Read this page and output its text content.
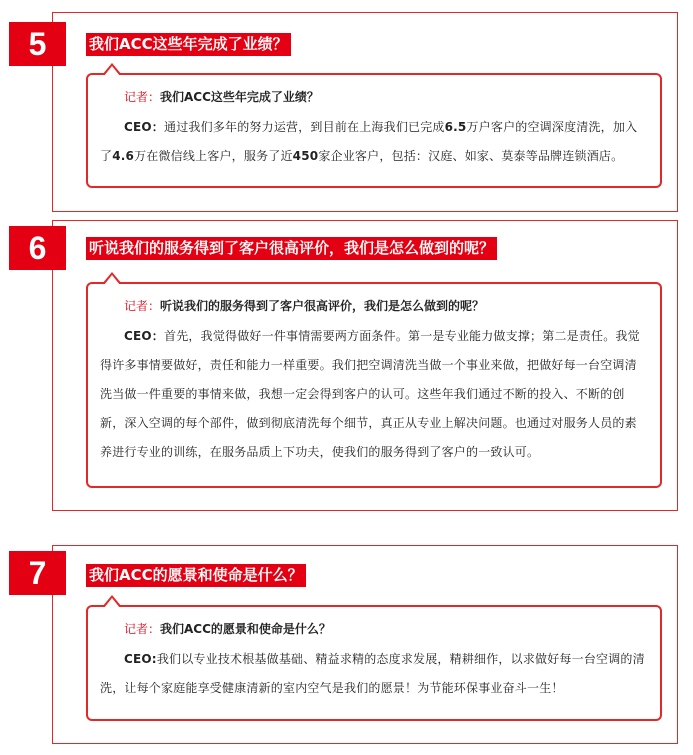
5	我们ACC这些年完成了业绩？

记者：我们ACC这些年完成了业绩？

CEO：通过我们多年的努力运营，到目前在上海我们已完成6.5万户客户的空调深度清洗，加入了4.6万在微信线上客户，服务了近450家企业客户，包括：汉庭、如家、莫泰等品牌连锁酒店。

6	听说我们的服务得到了客户很高评价，我们是怎么做到的呢？

记者：听说我们的服务得到了客户很高评价，我们是怎么做到的呢？

CEO：首先，我觉得做好一件事情需要两方面条件。第一是专业能力做支撑；第二是责任。我觉得许多事情要做好，责任和能力一样重要。我们把空调清洗当做一个事业来做，把做好每一台空调清洗当做一件重要的事情来做，我想一定会得到客户的认可。这些年我们通过不断的投入、不断的创新，深入空调的每个部件，做到彻底清洗每个细节，真正从专业上解决问题。也通过对服务人员的素养进行专业的训练，在服务品质上下功夫，使我们的服务得到了客户的一致认可。

7	我们ACC的愿景和使命是什么？

记者：我们ACC的愿景和使命是什么？

CEO:我们以专业技术根基做基础、精益求精的态度求发展，精耕细作，以求做好每一台空调的清洗，让每个家庭能享受健康清新的室内空气是我们的愿景！为节能环保事业奋斗一生！
